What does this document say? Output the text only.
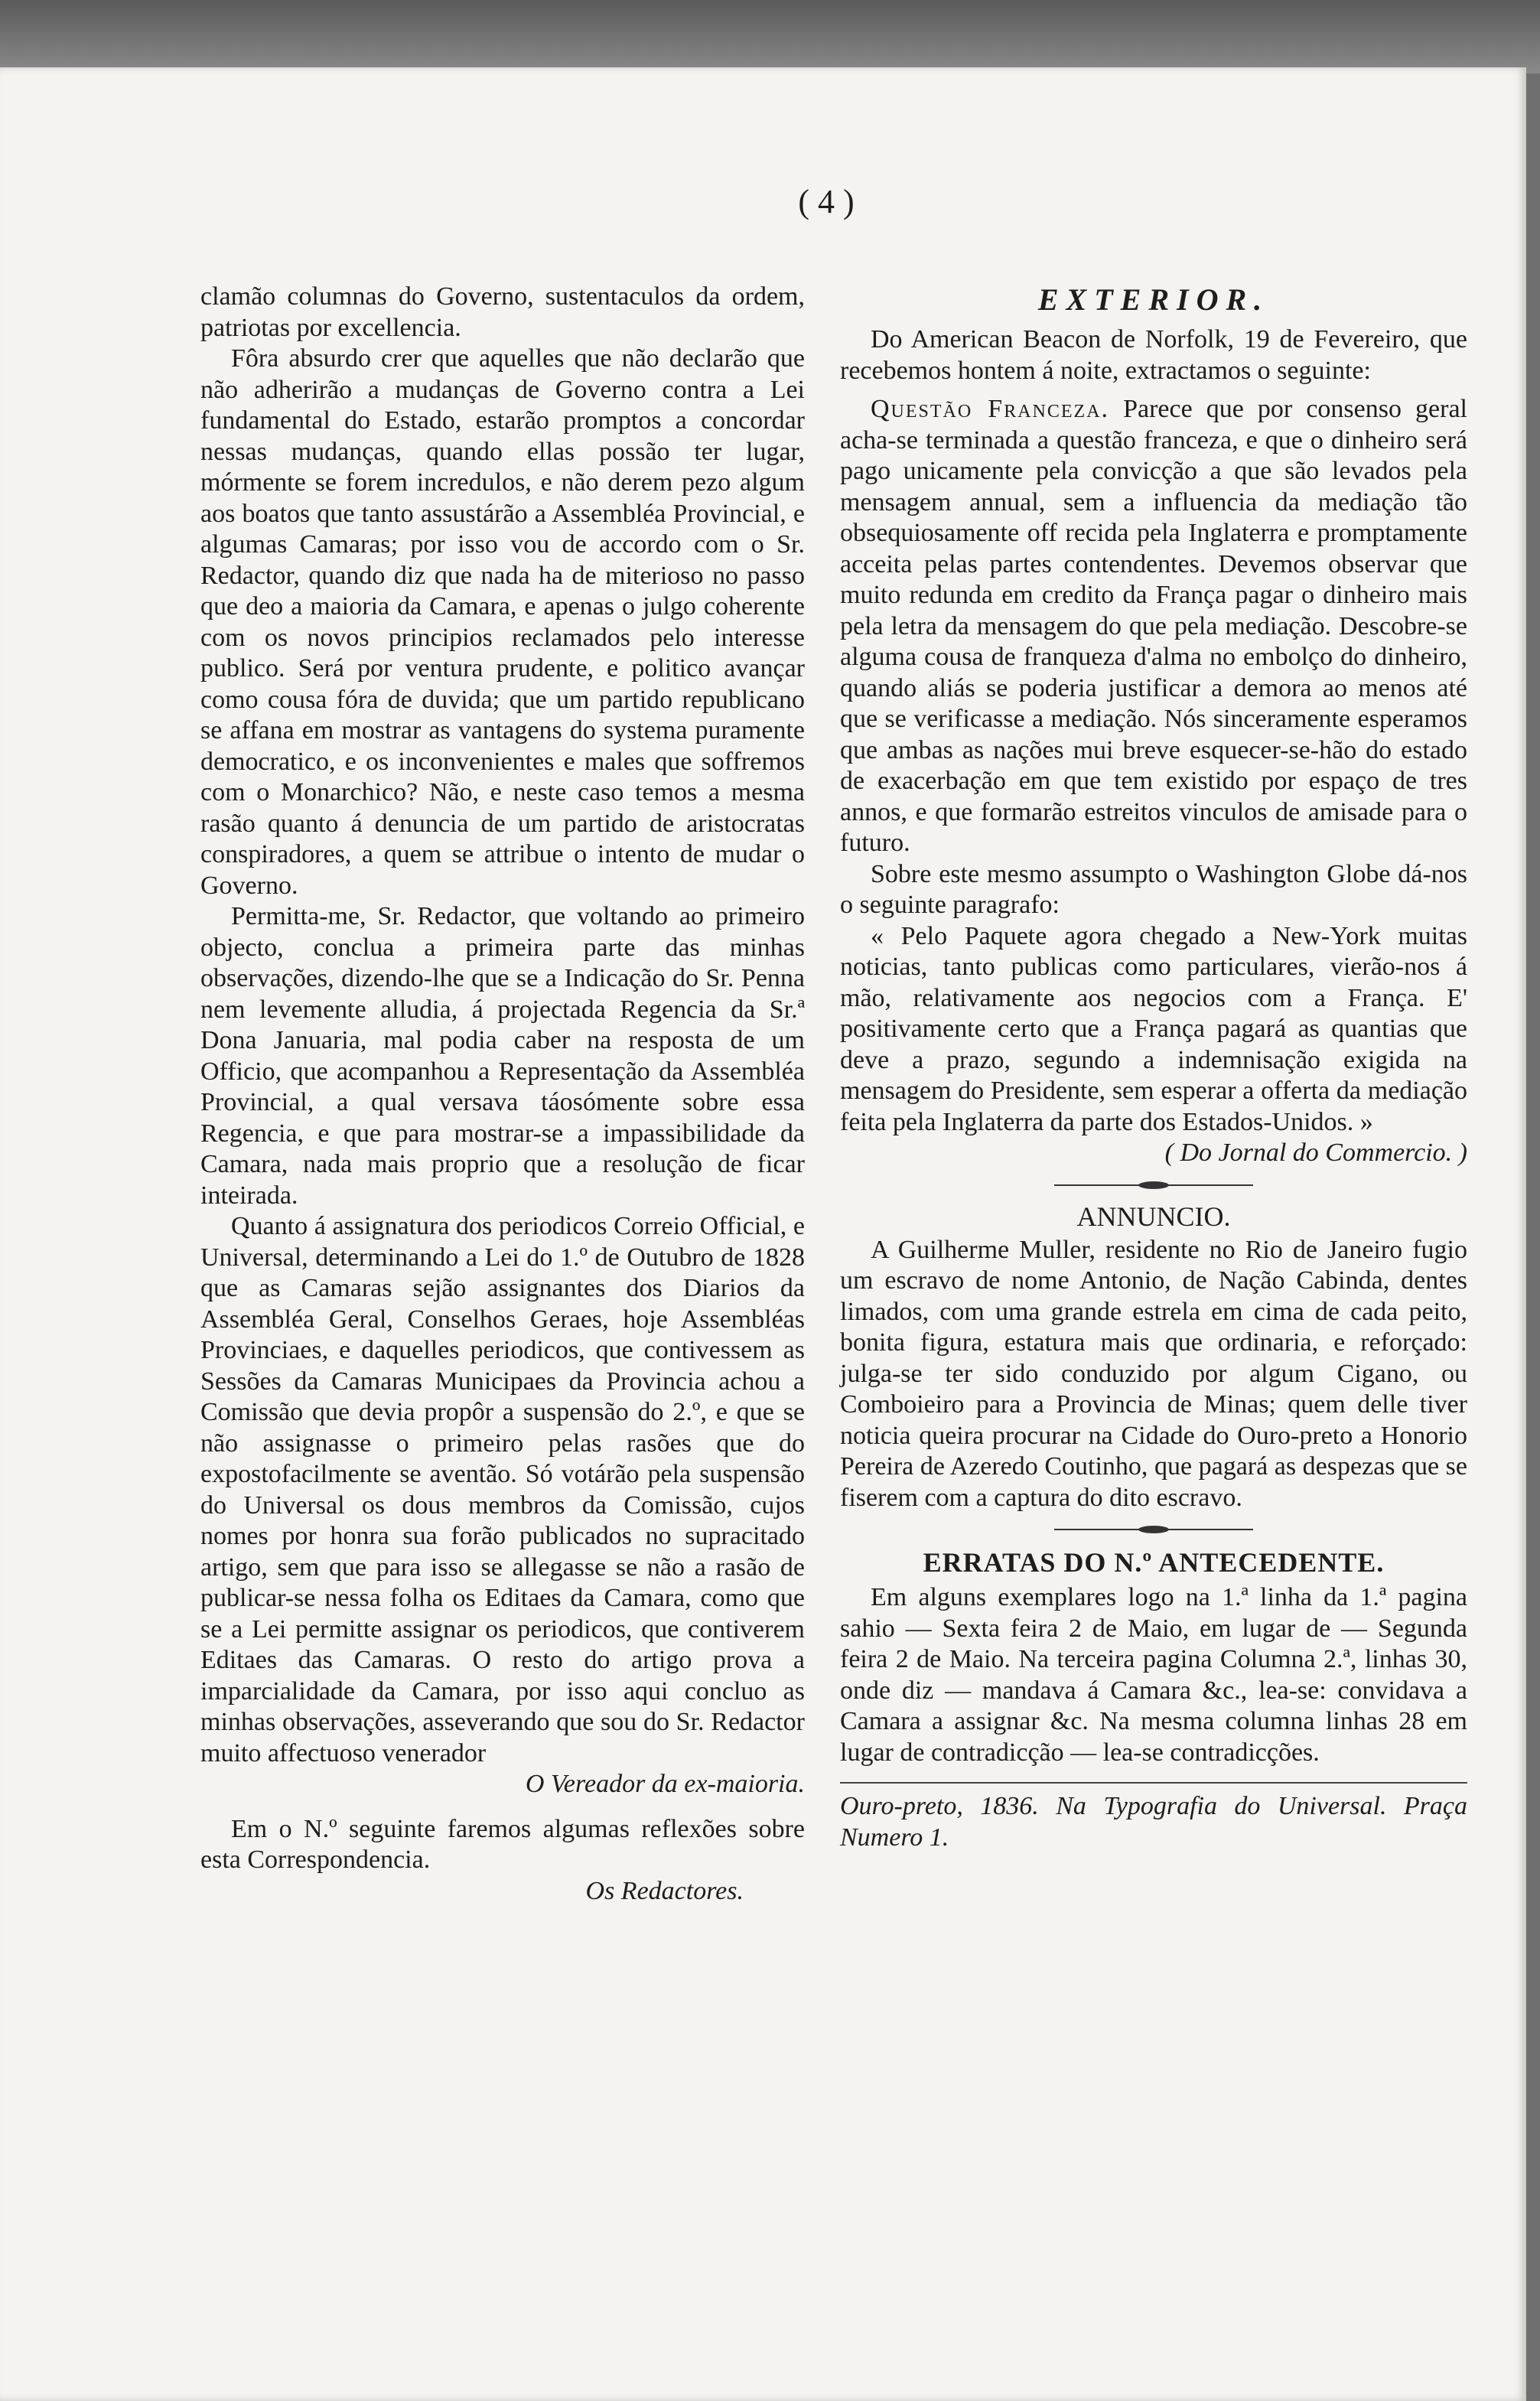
( 4 )

clamão columnas do Governo, sustentaculos da ordem, patriotas por excellencia.

Fôra absurdo crer que aquelles que não declarão que não adherirão a mudanças de Governo contra a Lei fundamental do Estado, estarão promptos a concordar nessas mudanças, quando ellas possão ter lugar, mórmente se forem incredulos, e não derem pezo algum aos boatos que tanto assustárão a Assembléa Provincial, e algumas Camaras; por isso vou de accordo com o Sr. Redactor, quando diz que nada ha de miterioso no passo que deo a maioria da Camara, e apenas o julgo coherente com os novos principios reclamados pelo interesse publico. Será por ventura prudente, e politico avançar como cousa fóra de duvida; que um partido republicano se affana em mostrar as vantagens do systema puramente democratico, e os inconvenientes e males que soffremos com o Monarchico? Não, e neste caso temos a mesma rasão quanto á denuncia de um partido de aristocratas conspiradores, a quem se attribue o intento de mudar o Governo.

Permitta-me, Sr. Redactor, que voltando ao primeiro objecto, conclua a primeira parte das minhas observações, dizendo-lhe que se a Indicação do Sr. Penna nem levemente alludia, á projectada Regencia da Sr.ª Dona Januaria, mal podia caber na resposta de um Officio, que acompanhou a Representação da Assembléa Provincial, a qual versava táosómente sobre essa Regencia, e que para mostrar-se a impassibilidade da Camara, nada mais proprio que a resolução de ficar inteirada.

Quanto á assignatura dos periodicos Correio Official, e Universal, determinando a Lei do 1.º de Outubro de 1828 que as Camaras sejão assignantes dos Diarios da Assembléa Geral, Conselhos Geraes, hoje Assembléas Provinciaes, e daquelles periodicos, que contivessem as Sessões da Camaras Municipaes da Provincia achou a Comissão que devia propôr a suspensão do 2.º, e que se não assignasse o primeiro pelas rasões que do expostofacilmente se aventão. Só votárão pela suspensão do Universal os dous membros da Comissão, cujos nomes por honra sua forão publicados no supracitado artigo, sem que para isso se allegasse se não a rasão de publicar-se nessa folha os Editaes da Camara, como que se a Lei permitte assignar os periodicos, que contiverem Editaes das Camaras. O resto do artigo prova a imparcialidade da Camara, por isso aqui concluo as minhas observações, asseverando que sou do Sr. Redactor muito affectuoso venerador

O Vereador da ex-maioria.

Em o N.º seguinte faremos algumas reflexões sobre esta Correspondencia.

Os Redactores.

EXTERIOR.

Do American Beacon de Norfolk, 19 de Fevereiro, que recebemos hontem á noite, extractamos o seguinte:

Questão Franceza. Parece que por consenso geral acha-se terminada a questão franceza, e que o dinheiro será pago unicamente pela convicção a que são levados pela mensagem annual, sem a influencia da mediação tão obsequiosamente off recida pela Inglaterra e promptamente acceita pelas partes contendentes. Devemos observar que muito redunda em credito da França pagar o dinheiro mais pela letra da mensagem do que pela mediação. Descobre-se alguma cousa de franqueza d'alma no embolço do dinheiro, quando aliás se poderia justificar a demora ao menos até que se verificasse a mediação. Nós sinceramente esperamos que ambas as nações mui breve esquecer-se-hão do estado de exacerbação em que tem existido por espaço de tres annos, e que formarão estreitos vinculos de amisade para o futuro.

Sobre este mesmo assumpto o Washington Globe dá-nos o seguinte paragrafo:

« Pelo Paquete agora chegado a New-York muitas noticias, tanto publicas como particulares, vierão-nos á mão, relativamente aos negocios com a França. E' positivamente certo que a França pagará as quantias que deve a prazo, segundo a indemnisação exigida na mensagem do Presidente, sem esperar a offerta da mediação feita pela Inglaterra da parte dos Estados-Unidos. »

( Do Jornal do Commercio. )

ANNUNCIO.

A Guilherme Muller, residente no Rio de Janeiro fugio um escravo de nome Antonio, de Nação Cabinda, dentes limados, com uma grande estrela em cima de cada peito, bonita figura, estatura mais que ordinaria, e reforçado: julga-se ter sido conduzido por algum Cigano, ou Comboieiro para a Provincia de Minas; quem delle tiver noticia queira procurar na Cidade do Ouro-preto a Honorio Pereira de Azeredo Coutinho, que pagará as despezas que se fiserem com a captura do dito escravo.

ERRATAS DO N.º ANTECEDENTE.

Em alguns exemplares logo na 1.ª linha da 1.ª pagina sahio — Sexta feira 2 de Maio, em lugar de — Segunda feira 2 de Maio. Na terceira pagina Columna 2.ª, linhas 30, onde diz — mandava á Camara &c., lea-se: convidava a Camara a assignar &c. Na mesma columna linhas 28 em lugar de contradicção — lea-se contradicções.

Ouro-preto, 1836. Na Typografia do Universal. Praça Numero 1.
